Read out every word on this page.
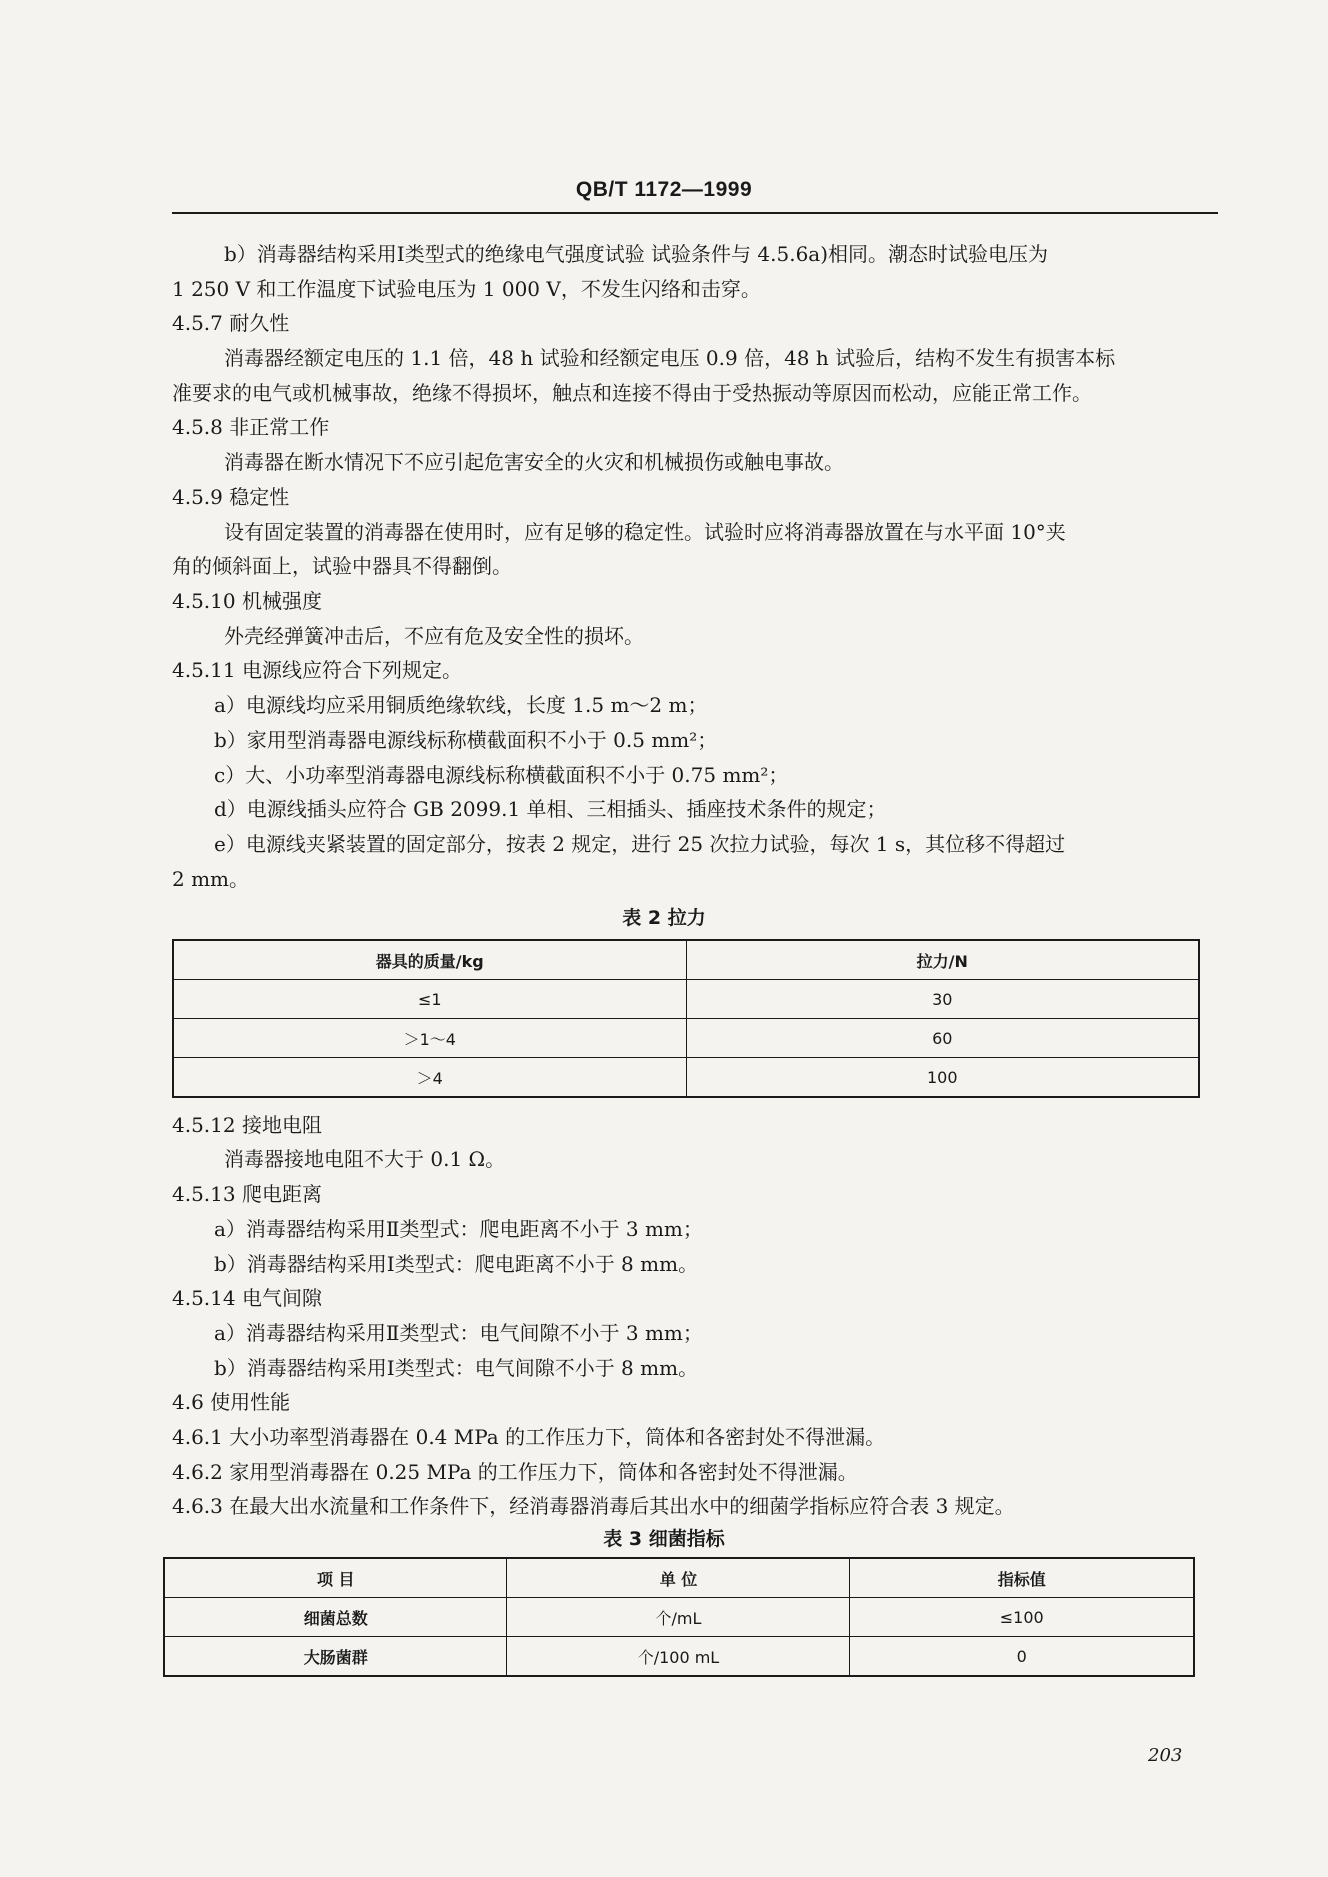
QB/T 1172—1999
b）消毒器结构采用Ⅰ类型式的绝缘电气强度试验 试验条件与 4.5.6a)相同。潮态时试验电压为
1 250 V 和工作温度下试验电压为 1 000 V，不发生闪络和击穿。
4.5.7 耐久性
消毒器经额定电压的 1.1 倍，48 h 试验和经额定电压 0.9 倍，48 h 试验后，结构不发生有损害本标
准要求的电气或机械事故，绝缘不得损坏，触点和连接不得由于受热振动等原因而松动，应能正常工作。
4.5.8 非正常工作
消毒器在断水情况下不应引起危害安全的火灾和机械损伤或触电事故。
4.5.9 稳定性
设有固定装置的消毒器在使用时，应有足够的稳定性。试验时应将消毒器放置在与水平面 10°夹
角的倾斜面上，试验中器具不得翻倒。
4.5.10 机械强度
外壳经弹簧冲击后，不应有危及安全性的损坏。
4.5.11 电源线应符合下列规定。
a）电源线均应采用铜质绝缘软线，长度 1.5 m～2 m；
b）家用型消毒器电源线标称横截面积不小于 0.5 mm²；
c）大、小功率型消毒器电源线标称横截面积不小于 0.75 mm²；
d）电源线插头应符合 GB 2099.1 单相、三相插头、插座技术条件的规定；
e）电源线夹紧装置的固定部分，按表 2 规定，进行 25 次拉力试验，每次 1 s，其位移不得超过
2 mm。
表 2 拉力
器具的质量/kg	拉力/N
≤1	30
＞1～4	60
＞4	100
4.5.12 接地电阻
消毒器接地电阻不大于 0.1 Ω。
4.5.13 爬电距离
a）消毒器结构采用Ⅱ类型式：爬电距离不小于 3 mm；
b）消毒器结构采用Ⅰ类型式：爬电距离不小于 8 mm。
4.5.14 电气间隙
a）消毒器结构采用Ⅱ类型式：电气间隙不小于 3 mm；
b）消毒器结构采用Ⅰ类型式：电气间隙不小于 8 mm。
4.6 使用性能
4.6.1 大小功率型消毒器在 0.4 MPa 的工作压力下，筒体和各密封处不得泄漏。
4.6.2 家用型消毒器在 0.25 MPa 的工作压力下，筒体和各密封处不得泄漏。
4.6.3 在最大出水流量和工作条件下，经消毒器消毒后其出水中的细菌学指标应符合表 3 规定。
表 3 细菌指标
项 目	单 位	指标值
细菌总数	个/mL	≤100
大肠菌群	个/100 mL	0
203
